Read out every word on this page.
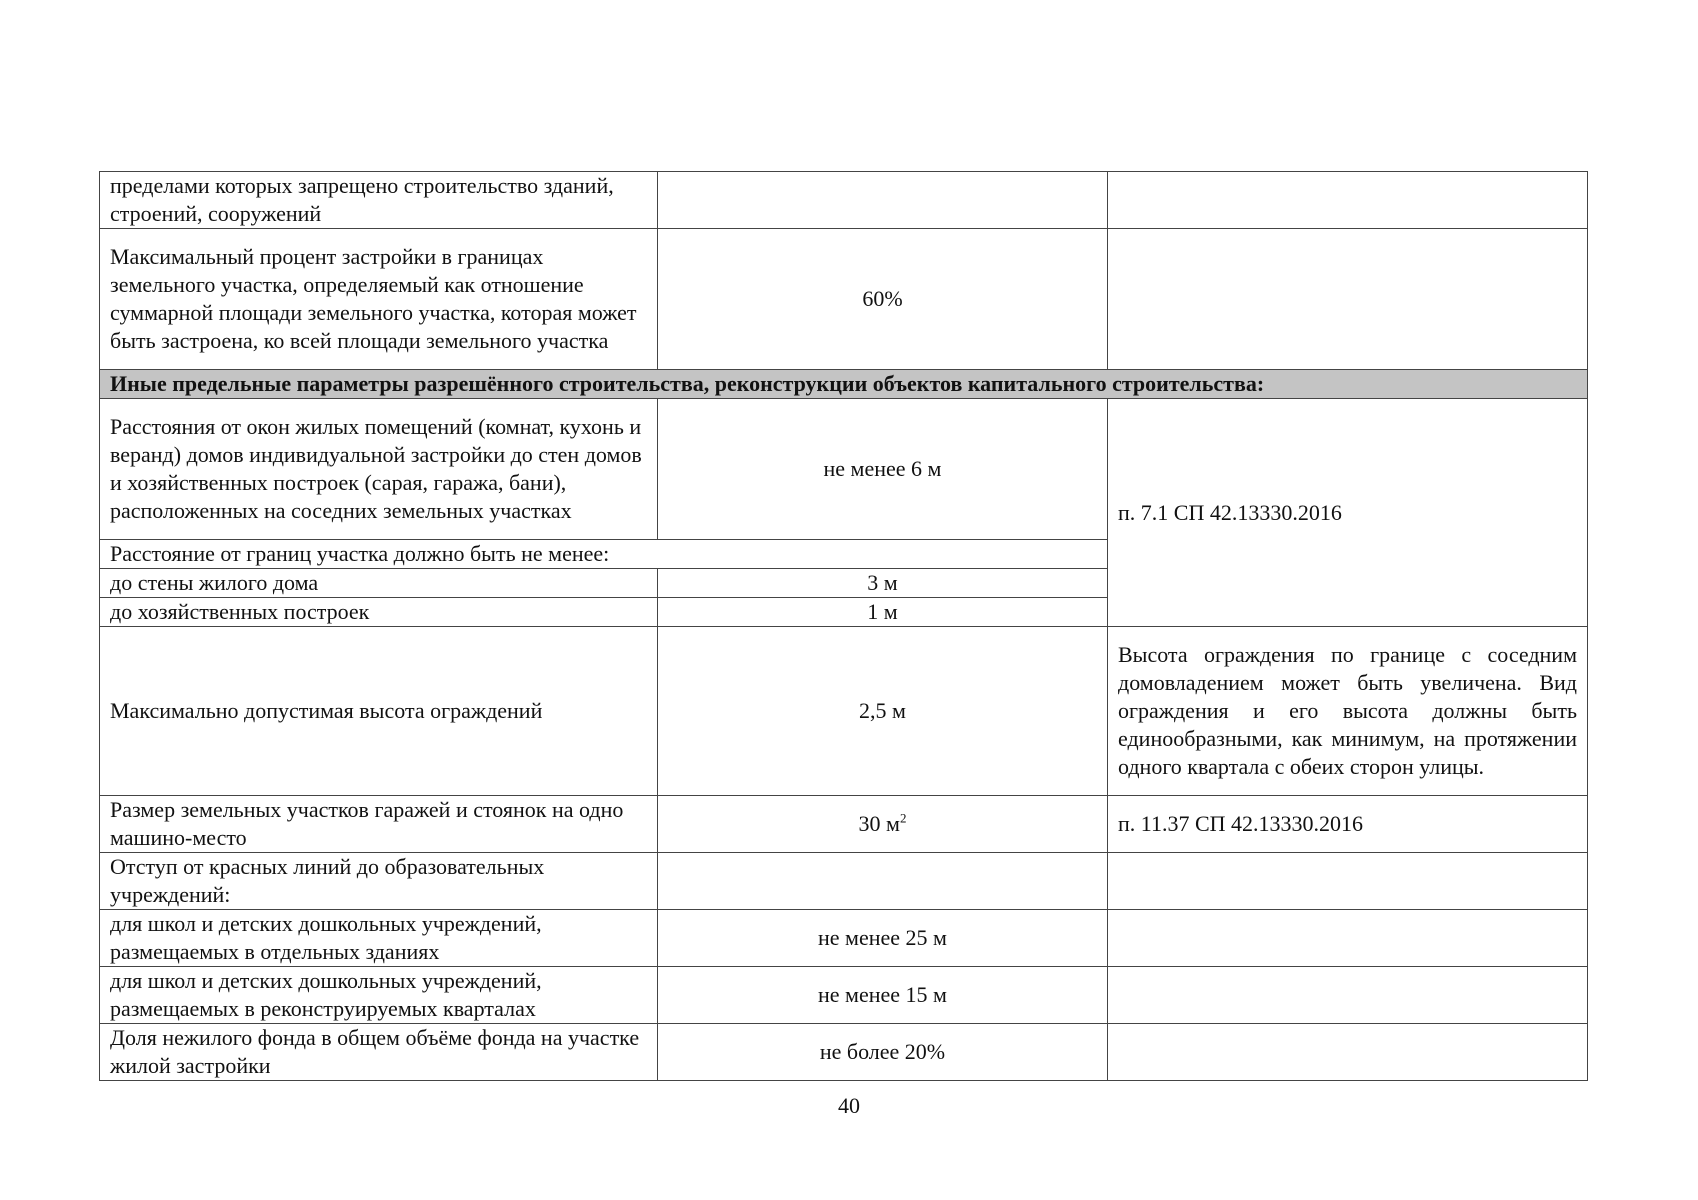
пределами которых запрещено строительство зданий, строений, сооружений		
Максимальный процент застройки в границах земельного участка, определяемый как отношение суммарной площади земельного участка, которая может быть застроена, ко всей площади земельного участка	60%	
Иные предельные параметры разрешённого строительства, реконструкции объектов капитального строительства:		
Расстояния от окон жилых помещений (комнат, кухонь и веранд) домов индивидуальной застройки до стен домов и хозяйственных построек (сарая, гаража, бани), расположенных на соседних земельных участках	не менее 6 м	п. 7.1 СП 42.13330.2016
Расстояние от границ участка должно быть не менее:		
до стены жилого дома	3 м	
до хозяйственных построек	1 м	
Максимально допустимая высота ограждений	2,5 м	Высота ограждения по границе с соседним домовладением может быть увеличена. Вид ограждения и его высота должны быть единообразными, как минимум, на протяжении одного квартала с обеих сторон улицы.
Размер земельных участков гаражей и стоянок на одно машино-место	30 $м^2$	п. 11.37 СП 42.13330.2016
Отступ от красных линий до образовательных учреждений:		
для школ и детских дошкольных учреждений, размещаемых в отдельных зданиях	не менее 25 м	
для школ и детских дошкольных учреждений, размещаемых в реконструируемых кварталах	не менее 15 м	
Доля нежилого фонда в общем объёме фонда на участке жилой застройки	не более 20%	
40
